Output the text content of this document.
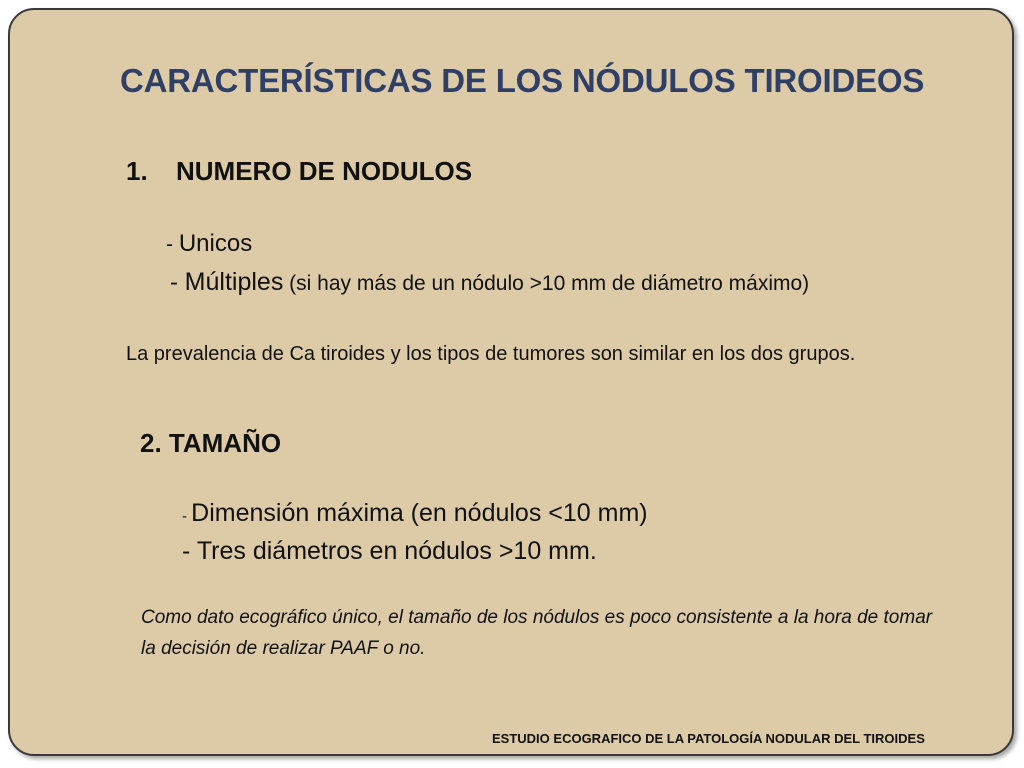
CARACTERÍSTICAS DE LOS NÓDULOS TIROIDEOS
1. NUMERO DE NODULOS
- Unicos
- Múltiples (si hay más de un nódulo >10 mm de diámetro máximo)

La prevalencia de Ca tiroides y los tipos de tumores son similar en los dos grupos.

2. TAMAÑO
- Dimensión máxima (en nódulos <10 mm)
- Tres diámetros en nódulos >10 mm.

Como dato ecográfico único, el tamaño de los nódulos es poco consistente a la hora de tomar la decisión de realizar PAAF o no.

ESTUDIO ECOGRAFICO DE LA PATOLOGÍA NODULAR DEL TIROIDES
